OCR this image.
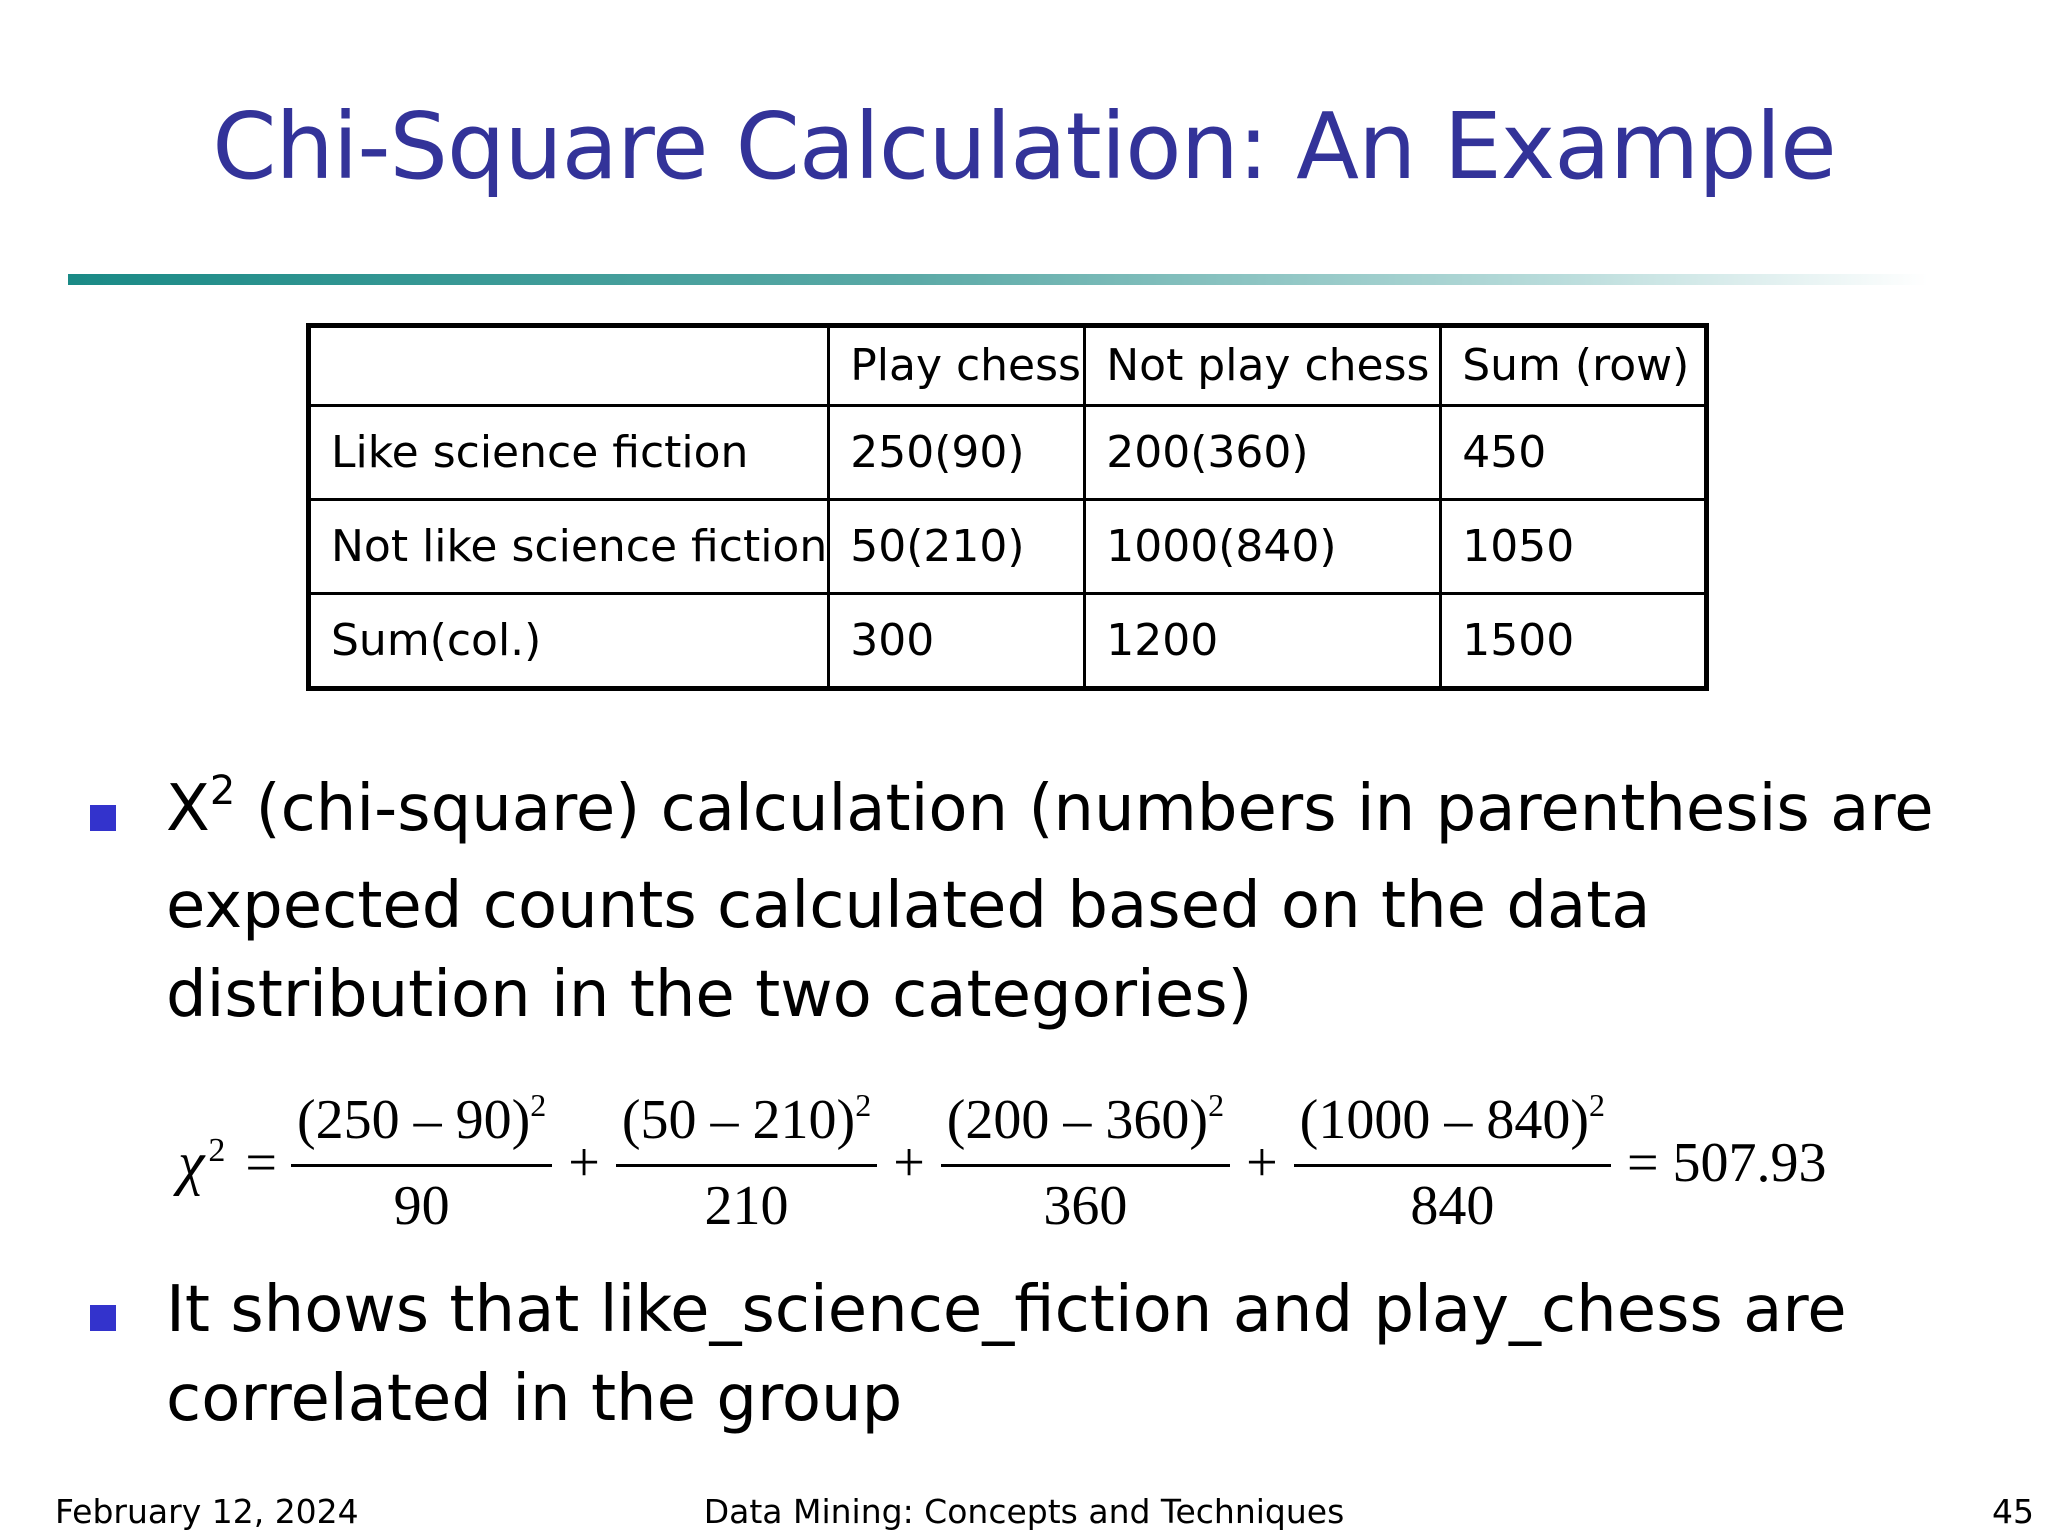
Chi-Square Calculation: An Example
	Play chess	Not play chess	Sum (row)
Like science fiction	250(90)	200(360)	450
Not like science fiction	50(210)	1000(840)	1050
Sum(col.)	300	1200	1500
$X^2$ (chi-square) calculation (numbers in parenthesis are expected counts calculated based on the data distribution in the two categories)
χ $^2 = \frac{(250 - 90)^2}{90} + \frac{(50 - 210)^2}{210} + \frac{(200 - 360)^2}{360} + \frac{(1000 - 840)^2}{840} = 507.93$
It shows that like_science_fiction and play_chess are correlated in the group
February 12, 2024	Data Mining: Concepts and Techniques	45
